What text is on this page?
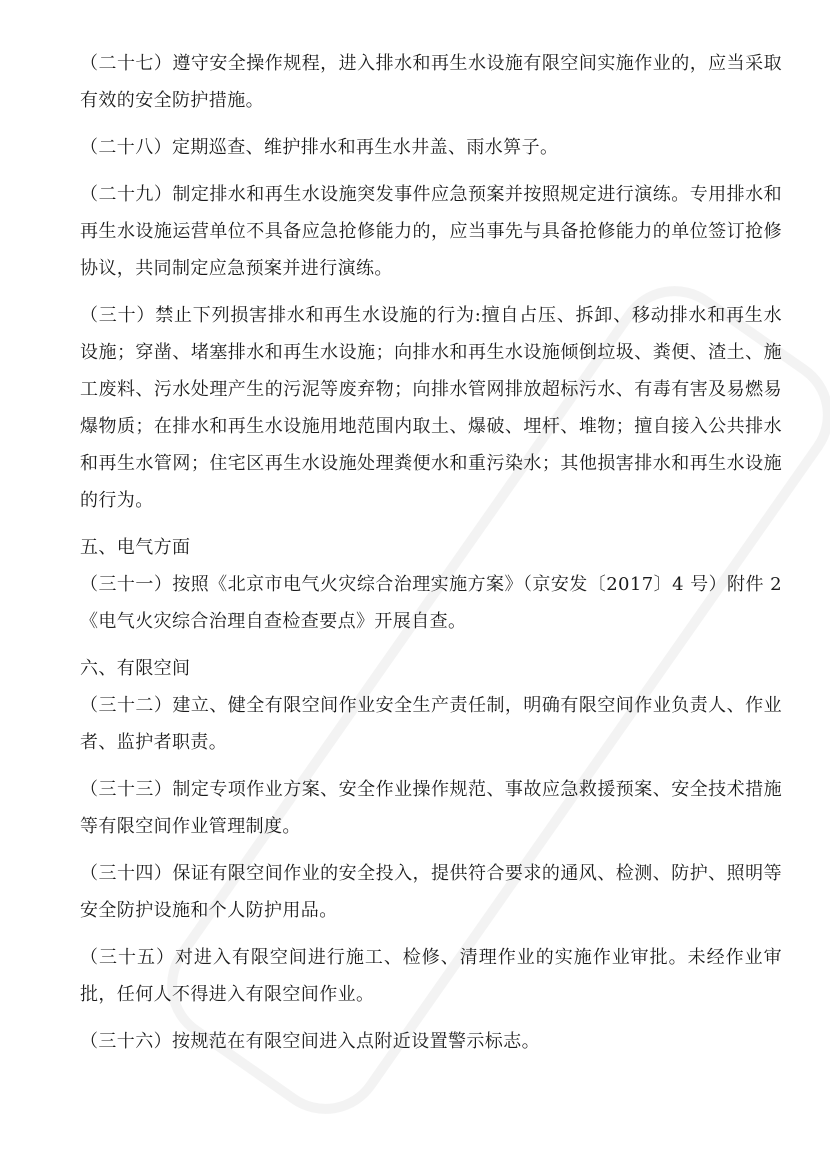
（二十七）遵守安全操作规程，进入排水和再生水设施有限空间实施作业的，应当采取有效的安全防护措施。

（二十八）定期巡查、维护排水和再生水井盖、雨水箅子。

（二十九）制定排水和再生水设施突发事件应急预案并按照规定进行演练。专用排水和再生水设施运营单位不具备应急抢修能力的，应当事先与具备抢修能力的单位签订抢修协议，共同制定应急预案并进行演练。

（三十）禁止下列损害排水和再生水设施的行为:擅自占压、拆卸、移动排水和再生水设施；穿凿、堵塞排水和再生水设施；向排水和再生水设施倾倒垃圾、粪便、渣土、施工废料、污水处理产生的污泥等废弃物；向排水管网排放超标污水、有毒有害及易燃易爆物质；在排水和再生水设施用地范围内取土、爆破、埋杆、堆物；擅自接入公共排水和再生水管网；住宅区再生水设施处理粪便水和重污染水；其他损害排水和再生水设施的行为。

五、电气方面

（三十一）按照《北京市电气火灾综合治理实施方案》（京安发〔2017〕4 号）附件 2《电气火灾综合治理自查检查要点》开展自查。

六、有限空间

（三十二）建立、健全有限空间作业安全生产责任制，明确有限空间作业负责人、作业者、监护者职责。

（三十三）制定专项作业方案、安全作业操作规范、事故应急救援预案、安全技术措施等有限空间作业管理制度。

（三十四）保证有限空间作业的安全投入，提供符合要求的通风、检测、防护、照明等安全防护设施和个人防护用品。

（三十五）对进入有限空间进行施工、检修、清理作业的实施作业审批。未经作业审批，任何人不得进入有限空间作业。

（三十六）按规范在有限空间进入点附近设置警示标志。
